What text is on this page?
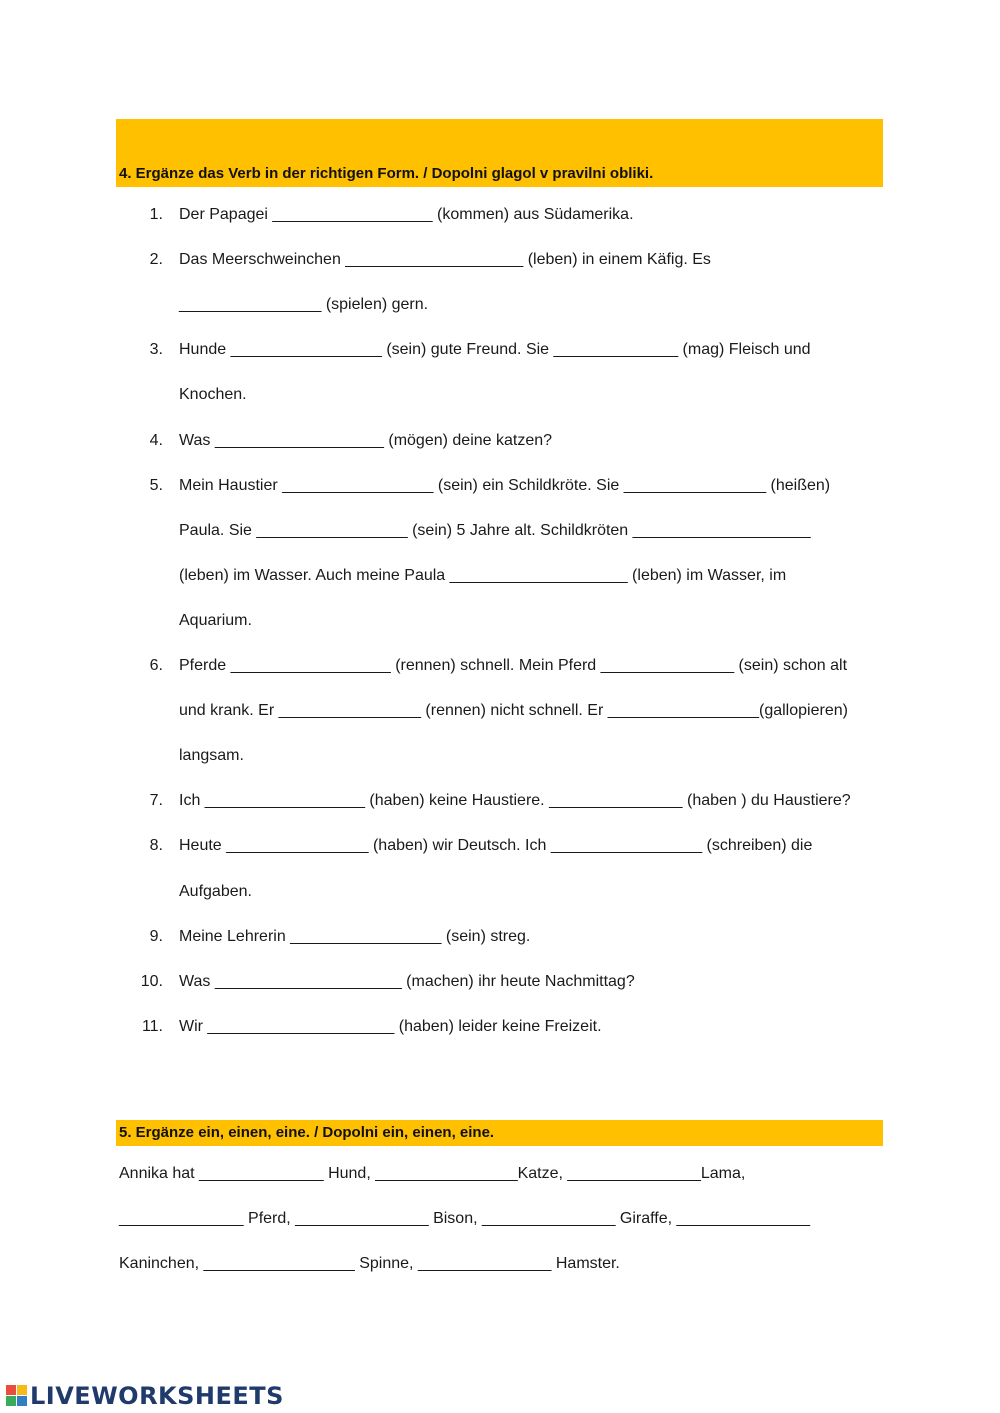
4. Ergänze das Verb in der richtigen Form. / Dopolni glagol v pravilni obliki.
1. Der Papagei __________________ (kommen) aus Südamerika.
2. Das Meerschweinchen ____________________ (leben) in einem Käfig. Es
________________ (spielen) gern.
3. Hunde _________________ (sein) gute Freund. Sie ______________ (mag) Fleisch und
Knochen.
4. Was ___________________ (mögen) deine katzen?
5. Mein Haustier _________________ (sein) ein Schildkröte. Sie ________________ (heißen)
Paula. Sie _________________ (sein) 5 Jahre alt. Schildkröten ____________________
(leben) im Wasser. Auch meine Paula ____________________ (leben) im Wasser, im
Aquarium.
6. Pferde __________________ (rennen) schnell. Mein Pferd _______________ (sein) schon alt
und krank. Er ________________ (rennen) nicht schnell. Er _________________(gallopieren)
langsam.
7. Ich __________________ (haben) keine Haustiere. _______________ (haben ) du Haustiere?
8. Heute ________________ (haben) wir Deutsch. Ich _________________ (schreiben) die
Aufgaben.
9. Meine Lehrerin _________________ (sein) streg.
10. Was _____________________ (machen) ihr heute Nachmittag?
11. Wir _____________________ (haben) leider keine Freizeit.
5. Ergänze ein, einen, eine. / Dopolni ein, einen, eine.
Annika hat ______________ Hund, ________________Katze, _______________Lama,
______________ Pferd, _______________ Bison, _______________ Giraffe, _______________
Kaninchen, _________________ Spinne, _______________ Hamster.
LIVEWORKSHEETS
